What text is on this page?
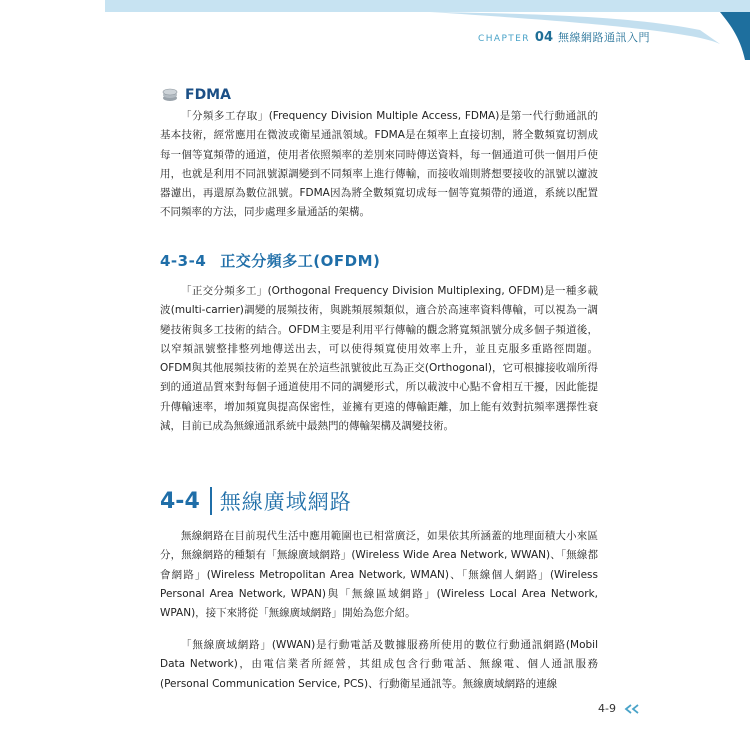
CHAPTER 04 無線網路通訊入門
FDMA

「分頻多工存取」(Frequency Division Multiple Access, FDMA)是第一代行動通訊的基本技術，經常應用在微波或衛星通訊領域。FDMA是在頻率上直接切割，將全數頻寬切割成每一個等寬頻帶的通道，使用者依照頻率的差別來同時傳送資料，每一個通道可供一個用戶使用，也就是利用不同訊號源調變到不同頻率上進行傳輸，而接收端則將想要接收的訊號以濾波器濾出，再還原為數位訊號。FDMA因為將全數頻寬切成每一個等寬頻帶的通道，系統以配置不同頻率的方法，同步處理多量通話的架構。

4-3-4 正交分頻多工(OFDM)

「正交分頻多工」(Orthogonal Frequency Division Multiplexing, OFDM)是一種多載波(multi-carrier)調變的展頻技術，與跳頻展頻類似，適合於高速率資料傳輸，可以視為一調變技術與多工技術的結合。OFDM主要是利用平行傳輸的觀念將寬頻訊號分成多個子頻道後，以窄頻訊號整排整列地傳送出去，可以使得頻寬使用效率上升，並且克服多重路徑問題。OFDM與其他展頻技術的差異在於這些訊號彼此互為正交(Orthogonal)，它可根據接收端所得到的通道品質來對每個子通道使用不同的調變形式，所以載波中心點不會相互干擾，因此能提升傳輸速率，增加頻寬與提高保密性，並擁有更遠的傳輸距離，加上能有效對抗頻率選擇性衰減，目前已成為無線通訊系統中最熱門的傳輸架構及調變技術。

4-4 無線廣域網路

無線網路在目前現代生活中應用範圍也已相當廣泛，如果依其所涵蓋的地理面積大小來區分，無線網路的種類有「無線廣域網路」(Wireless Wide Area Network, WWAN)、「無線都會網路」(Wireless Metropolitan Area Network, WMAN)、「無線個人網路」(Wireless Personal Area Network, WPAN)與「無線區域網路」(Wireless Local Area Network, WPAN)，接下來將從「無線廣域網路」開始為您介紹。

「無線廣域網路」(WWAN)是行動電話及數據服務所使用的數位行動通訊網路(Mobil Data Network)，由電信業者所經營，其組成包含行動電話、無線電、個人通訊服務(Personal Communication Service, PCS)、行動衛星通訊等。無線廣域網路的連線

4-9
